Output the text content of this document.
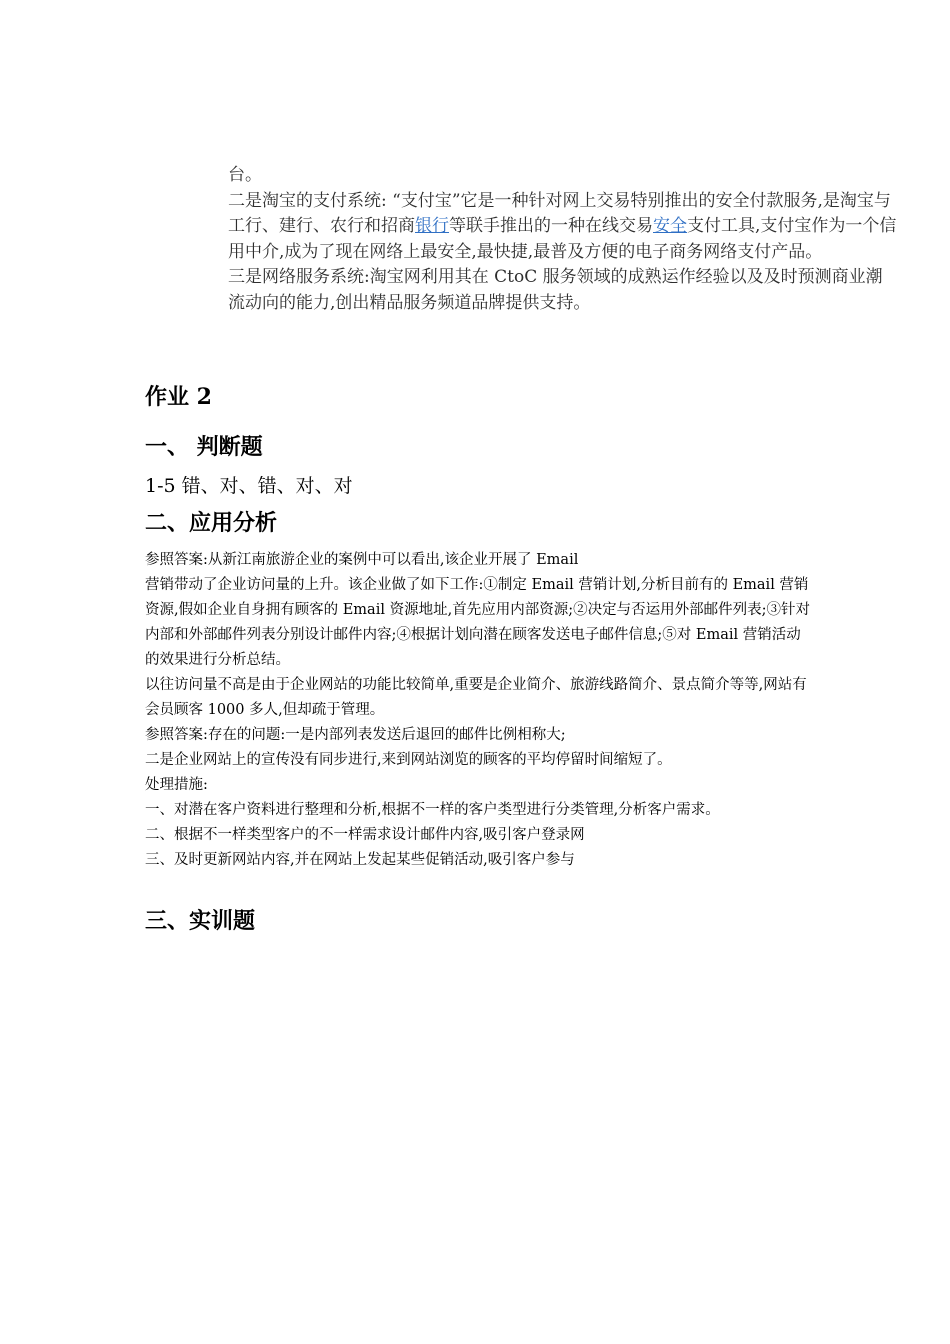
台。

二是淘宝的支付系统: “支付宝”它是一种针对网上交易特别推出的安全付款服务,是淘宝与工行、建行、农行和招商银行等联手推出的一种在线交易安全支付工具,支付宝作为一个信用中介,成为了现在网络上最安全,最快捷,最普及方便的电子商务网络支付产品。

三是网络服务系统:淘宝网利用其在 CtoC 服务领域的成熟运作经验以及及时预测商业潮流动向的能力,创出精品服务频道品牌提供支持。

作业 2
一、 判断题

1-5 错、对、错、对、对

二、应用分析

参照答案:从新江南旅游企业的案例中可以看出,该企业开展了 Email

营销带动了企业访问量的上升。该企业做了如下工作:①制定 Email 营销计划,分析目前有的 Email 营销资源,假如企业自身拥有顾客的 Email 资源地址,首先应用内部资源;②决定与否运用外部邮件列表;③针对内部和外部邮件列表分别设计邮件内容;④根据计划向潜在顾客发送电子邮件信息;⑤对 Email 营销活动的效果进行分析总结。

以往访问量不高是由于企业网站的功能比较简单,重要是企业简介、旅游线路简介、景点简介等等,网站有会员顾客 1000 多人,但却疏于管理。

参照答案:存在的问题:一是内部列表发送后退回的邮件比例相称大;

二是企业网站上的宣传没有同步进行,来到网站浏览的顾客的平均停留时间缩短了。

处理措施:

一、对潜在客户资料进行整理和分析,根据不一样的客户类型进行分类管理,分析客户需求。

二、根据不一样类型客户的不一样需求设计邮件内容,吸引客户登录网

三、及时更新网站内容,并在网站上发起某些促销活动,吸引客户参与

三、实训题
